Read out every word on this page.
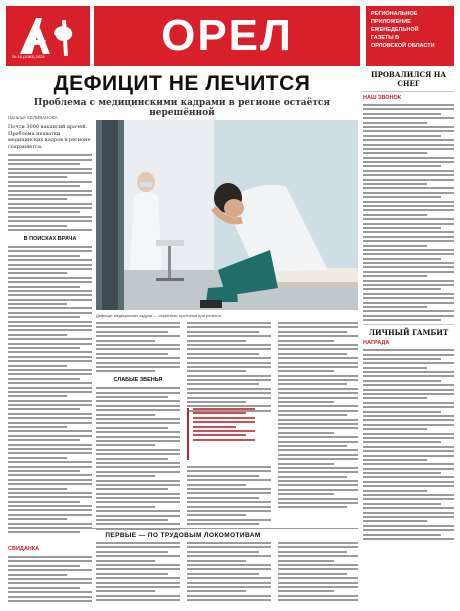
№ 16 (1063) 2023	ОРЕЛ	РЕГИОНАЛЬНОЕ
ПРИЛОЖЕНИЕ
ЕЖЕНЕДЕЛЬНОЙ
ГАЗЕТЫ В
ОРЛОВСКОЙ ОБЛАСТИ
ДЕФИЦИТ НЕ ЛЕЧИТСЯ
Проблема с медицинскими кадрами в регионе остаётся нерешённой
Наталья СЕЛИВАНОВА

Почти 3000 вакансий врачей. Проблема нехватки медицинских кадров в регионе сохраняется.

В ПОИСКАХ ВРАЧА
Дефицит медицинских кадров — серьёзная проблема для региона.
СЛАБЫЕ ЗВЕНЬЯ
ПРОВАЛИЛСЯ НА СНЕГ
НАШ ЗВОНОК
ЛИЧНЫЙ ГАМБИТ
НАГРАДА
ПЕРВЫЕ — ПО ТРУДОВЫМ ЛОКОМОТИВАМ
СВИДАНКА
